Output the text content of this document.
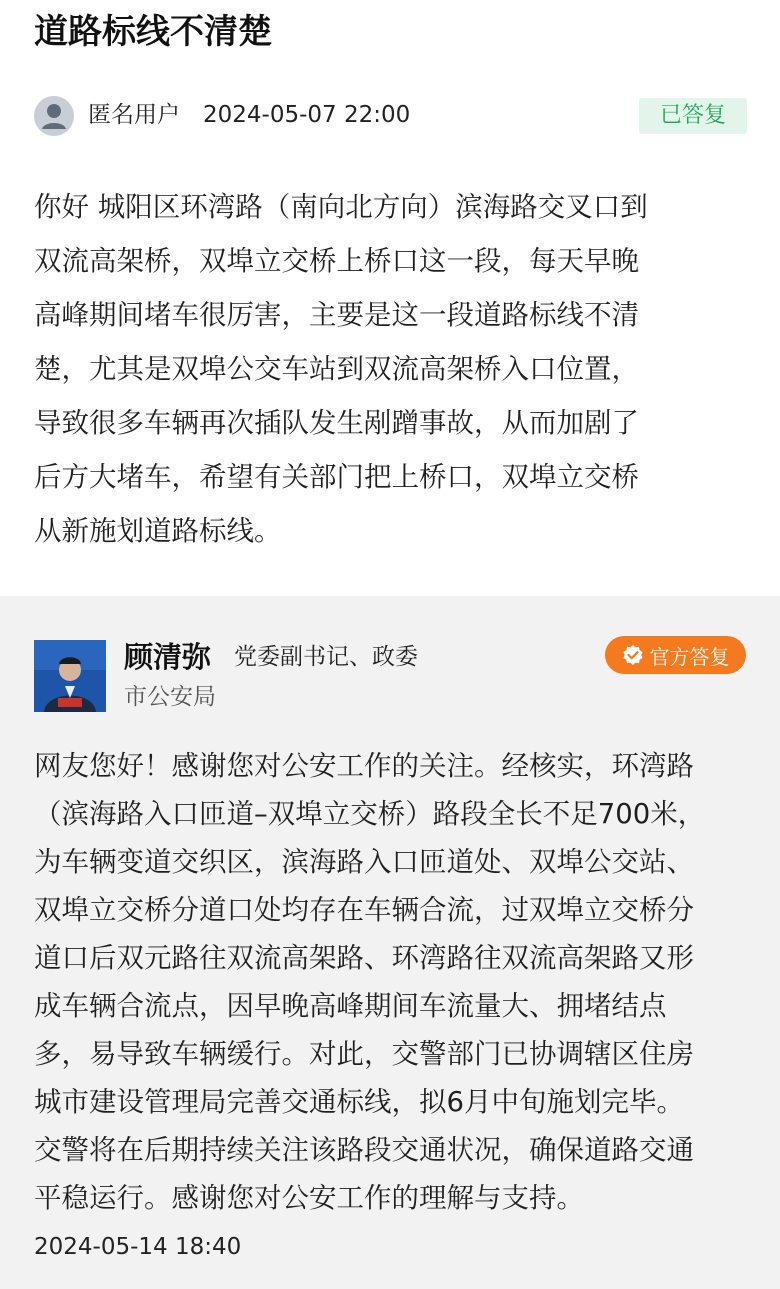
道路标线不清楚
匿名用户 2024-05-07 22:00	已答复
你好 城阳区环湾路（南向北方向）滨海路交叉口到
双流高架桥，双埠立交桥上桥口这一段，每天早晚
高峰期间堵车很厉害，主要是这一段道路标线不清
楚，尤其是双埠公交车站到双流高架桥入口位置，
导致很多车辆再次插队发生剐蹭事故，从而加剧了
后方大堵车，希望有关部门把上桥口，双埠立交桥
从新施划道路标线。
顾清弥 党委副书记、政委
市公安局
官方答复
网友您好！感谢您对公安工作的关注。经核实，环湾路
（滨海路入口匝道–双埠立交桥）路段全长不足700米，
为车辆变道交织区，滨海路入口匝道处、双埠公交站、
双埠立交桥分道口处均存在车辆合流，过双埠立交桥分
道口后双元路往双流高架路、环湾路往双流高架路又形
成车辆合流点，因早晚高峰期间车流量大、拥堵结点
多，易导致车辆缓行。对此，交警部门已协调辖区住房
城市建设管理局完善交通标线，拟6月中旬施划完毕。
交警将在后期持续关注该路段交通状况，确保道路交通
平稳运行。感谢您对公安工作的理解与支持。
2024-05-14 18:40
